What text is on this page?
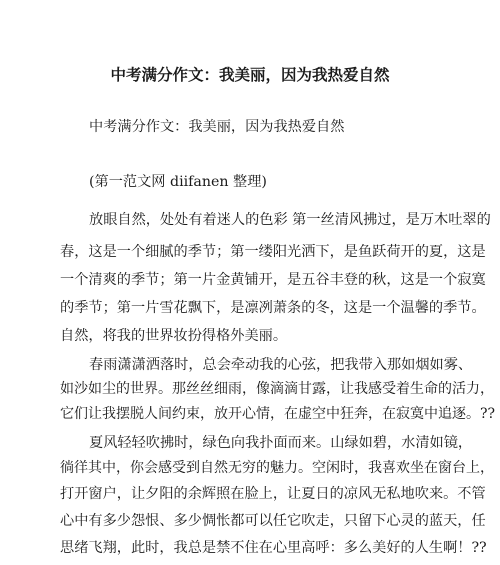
中考满分作文：我美丽，因为我热爱自然

中考满分作文：我美丽，因为我热爱自然

(第一范文网 diifanen 整理)

放眼自然，处处有着迷人的色彩 第一丝清风拂过，是万木吐翠的

春，这是一个细腻的季节；第一缕阳光洒下，是鱼跃荷开的夏，这是

一个清爽的季节；第一片金黄铺开，是五谷丰登的秋，这是一个寂寞

的季节；第一片雪花飘下，是凛冽萧条的冬，这是一个温馨的季节。

自然，将我的世界妆扮得格外美丽。

春雨潇潇洒落时，总会牵动我的心弦，把我带入那如烟如雾、

如沙如尘的世界。那丝丝细雨，像滴滴甘露，让我感受着生命的活力，

它们让我摆脱人间约束，放开心情，在虚空中狂奔，在寂寞中追逐。??

夏风轻轻吹拂时，绿色向我扑面而来。山绿如碧，水清如镜，

徜徉其中，你会感受到自然无穷的魅力。空闲时，我喜欢坐在窗台上，

打开窗户，让夕阳的余辉照在脸上，让夏日的凉风无私地吹来。不管

心中有多少怨恨、多少惆怅都可以任它吹走，只留下心灵的蓝天，任

思绪飞翔，此时，我总是禁不住在心里高呼：多么美好的人生啊！??
